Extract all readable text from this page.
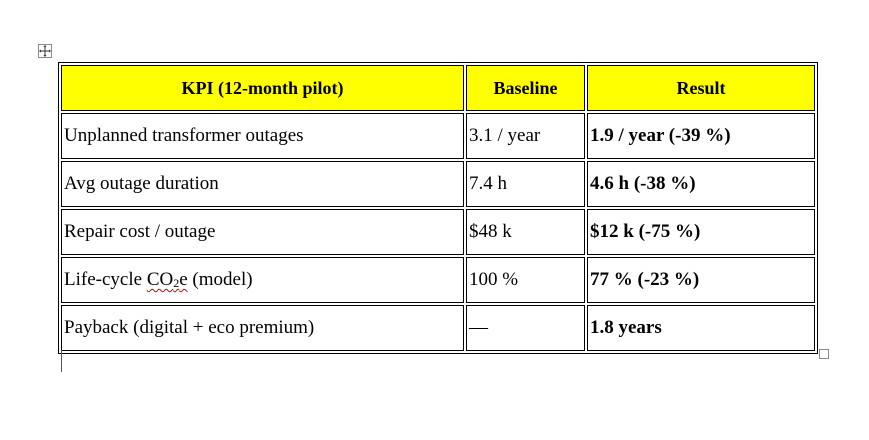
KPI (12-month pilot)	Baseline	Result
Unplanned transformer outages	3.1 / year	1.9 / year (-39 %)
Avg outage duration	7.4 h	4.6 h (-38 %)
Repair cost / outage	$48 k	$12 k (-75 %)
Life-cycle $CO_2e$ (model)	100 %	77 % (-23 %)
Payback (digital + eco premium)	—	1.8 years
